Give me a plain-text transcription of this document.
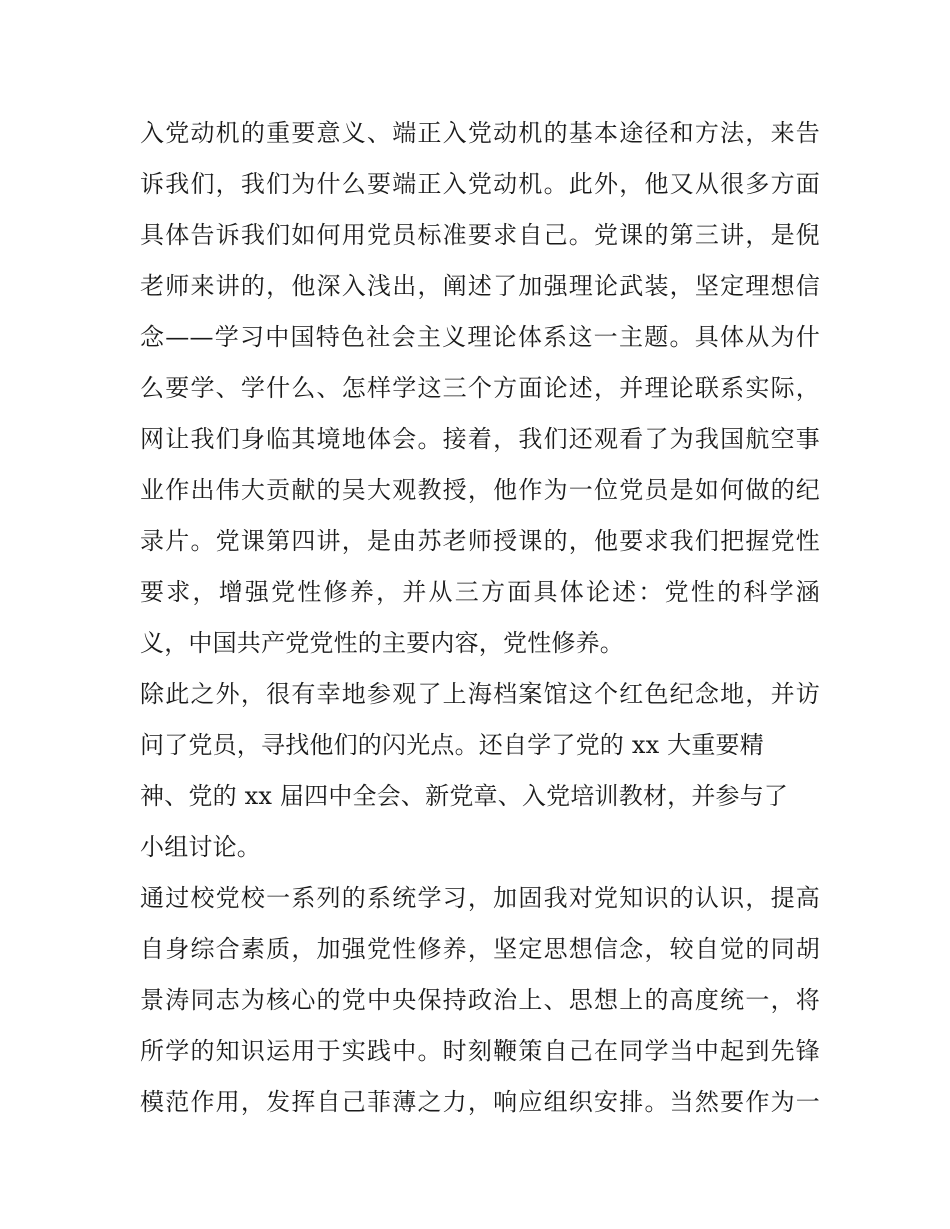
入党动机的重要意义、端正入党动机的基本途径和方法，来告
诉我们，我们为什么要端正入党动机。此外，他又从很多方面
具体告诉我们如何用党员标准要求自己。党课的第三讲，是倪
老师来讲的，他深入浅出，阐述了加强理论武装，坚定理想信
念——学习中国特色社会主义理论体系这一主题。具体从为什
么要学、学什么、怎样学这三个方面论述，并理论联系实际，
网让我们身临其境地体会。接着，我们还观看了为我国航空事
业作出伟大贡献的吴大观教授，他作为一位党员是如何做的纪
录片。党课第四讲，是由苏老师授课的，他要求我们把握党性
要求，增强党性修养，并从三方面具体论述：党性的科学涵
义，中国共产党党性的主要内容，党性修养。
除此之外，很有幸地参观了上海档案馆这个红色纪念地，并访
问了党员，寻找他们的闪光点。还自学了党的 xx 大重要精
神、党的 xx 届四中全会、新党章、入党培训教材，并参与了
小组讨论。
通过校党校一系列的系统学习，加固我对党知识的认识，提高
自身综合素质，加强党性修养，坚定思想信念，较自觉的同胡
景涛同志为核心的党中央保持政治上、思想上的高度统一，将
所学的知识运用于实践中。时刻鞭策自己在同学当中起到先锋
模范作用，发挥自己菲薄之力，响应组织安排。当然要作为一
